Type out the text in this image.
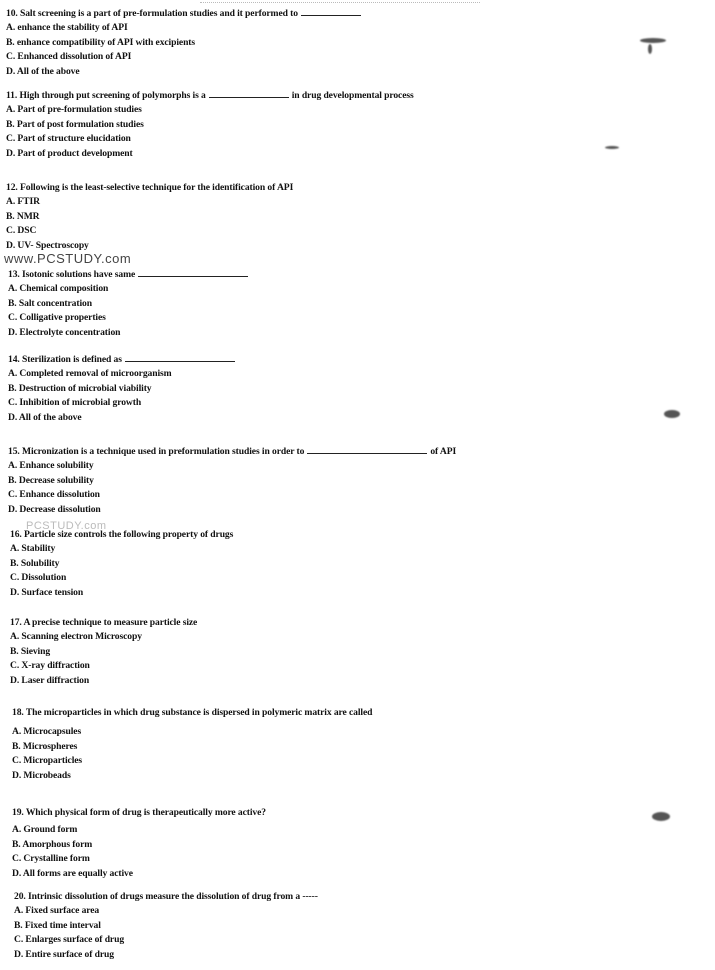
10. Salt screening is a part of pre-formulation studies and it performed to
A. enhance the stability of API
B. enhance compatibility of API with excipients
C. Enhanced dissolution of API
D. All of the above
11. High through put screening of polymorphs is a	in drug developmental process
A. Part of pre-formulation studies
B. Part of post formulation studies
C. Part of structure elucidation
D. Part of product development
12. Following is the least-selective technique for the identification of API
A. FTIR
B. NMR
C. DSC
D. UV- Spectroscopy
13. Isotonic solutions have same
A. Chemical composition
B. Salt concentration
C. Colligative properties
D. Electrolyte concentration
14. Sterilization is defined as
A. Completed removal of microorganism
B. Destruction of microbial viability
C. Inhibition of microbial growth
D. All of the above
15. Micronization is a technique used in preformulation studies in order to	of API
A. Enhance solubility
B. Decrease solubility
C. Enhance dissolution
D. Decrease dissolution
16. Particle size controls the following property of drugs
A. Stability
B. Solubility
C. Dissolution
D. Surface tension
17. A precise technique to measure particle size
A. Scanning electron Microscopy
B. Sieving
C. X-ray diffraction
D. Laser diffraction
18. The microparticles in which drug substance is dispersed in polymeric matrix are called
A. Microcapsules
B. Microspheres
C. Microparticles
D. Microbeads
19. Which physical form of drug is therapeutically more active?
A. Ground form
B. Amorphous form
C. Crystalline form
D. All forms are equally active
20. Intrinsic dissolution of drugs measure the dissolution of drug from a -----
A. Fixed surface area
B. Fixed time interval
C. Enlarges surface of drug
D. Entire surface of drug
www.PCSTUDY.com
PCSTUDY.com
